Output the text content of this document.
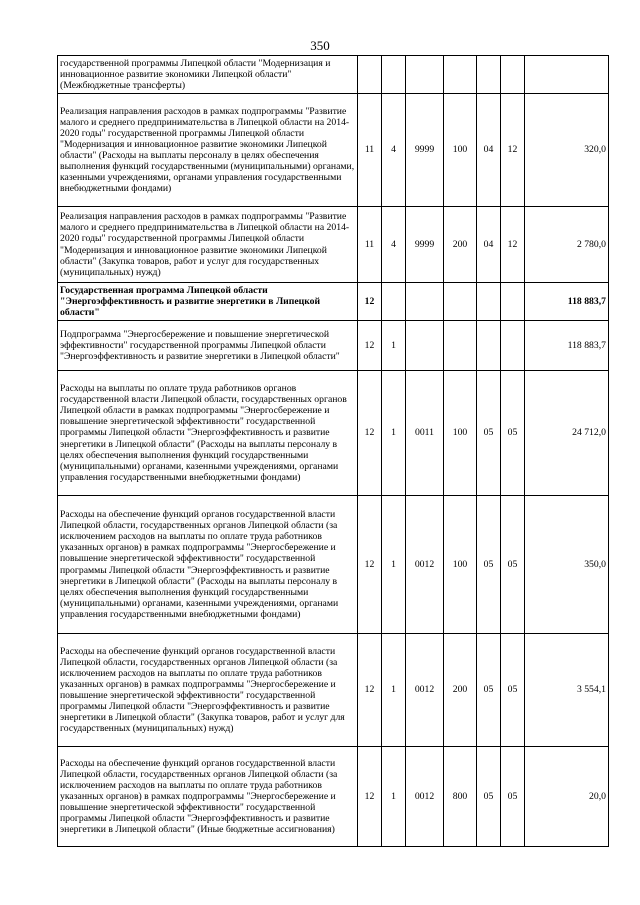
350
государственной программы Липецкой области "Модернизация и инновационное развитие экономики Липецкой области" (Межбюджетные трансферты)							
Реализация направления расходов в рамках подпрограммы "Развитие малого и среднего предпринимательства в Липецкой области на 2014-2020 годы" государственной программы Липецкой области "Модернизация и инновационное развитие экономики Липецкой области" (Расходы на выплаты персоналу в целях обеспечения выполнения функций государственными (муниципальными) органами, казенными учреждениями, органами управления государственными внебюджетными фондами)	11	4	9999	100	04	12	320,0
Реализация направления расходов в рамках подпрограммы "Развитие малого и среднего предпринимательства в Липецкой области на 2014-2020 годы" государственной программы Липецкой области "Модернизация и инновационное развитие экономики Липецкой области" (Закупка товаров, работ и услуг для государственных (муниципальных) нужд)	11	4	9999	200	04	12	2 780,0
Государственная программа Липецкой области "Энергоэффективность и развитие энергетики в Липецкой области"	12						118 883,7
Подпрограмма "Энергосбережение и повышение энергетической эффективности" государственной программы Липецкой области "Энергоэффективность и развитие энергетики в Липецкой области"	12	1					118 883,7
Расходы на выплаты по оплате труда работников органов государственной власти Липецкой области, государственных органов Липецкой области в рамках подпрограммы "Энергосбережение и повышение энергетической эффективности" государственной программы Липецкой области "Энергоэффективность и развитие энергетики в Липецкой области" (Расходы на выплаты персоналу в целях обеспечения выполнения функций государственными (муниципальными) органами, казенными учреждениями, органами управления государственными внебюджетными фондами)	12	1	0011	100	05	05	24 712,0
Расходы на обеспечение функций органов государственной власти Липецкой области, государственных органов Липецкой области (за исключением расходов на выплаты по оплате труда работников указанных органов) в рамках подпрограммы "Энергосбережение и повышение энергетической эффективности" государственной программы Липецкой области "Энергоэффективность и развитие энергетики в Липецкой области" (Расходы на выплаты персоналу в целях обеспечения выполнения функций государственными (муниципальными) органами, казенными учреждениями, органами управления государственными внебюджетными фондами)	12	1	0012	100	05	05	350,0
Расходы на обеспечение функций органов государственной власти Липецкой области, государственных органов Липецкой области (за исключением расходов на выплаты по оплате труда работников указанных органов) в рамках подпрограммы "Энергосбережение и повышение энергетической эффективности" государственной программы Липецкой области "Энергоэффективность и развитие энергетики в Липецкой области" (Закупка товаров, работ и услуг для государственных (муниципальных) нужд)	12	1	0012	200	05	05	3 554,1
Расходы на обеспечение функций органов государственной власти Липецкой области, государственных органов Липецкой области (за исключением расходов на выплаты по оплате труда работников указанных органов) в рамках подпрограммы "Энергосбережение и повышение энергетической эффективности" государственной программы Липецкой области "Энергоэффективность и развитие энергетики в Липецкой области" (Иные бюджетные ассигнования)	12	1	0012	800	05	05	20,0
